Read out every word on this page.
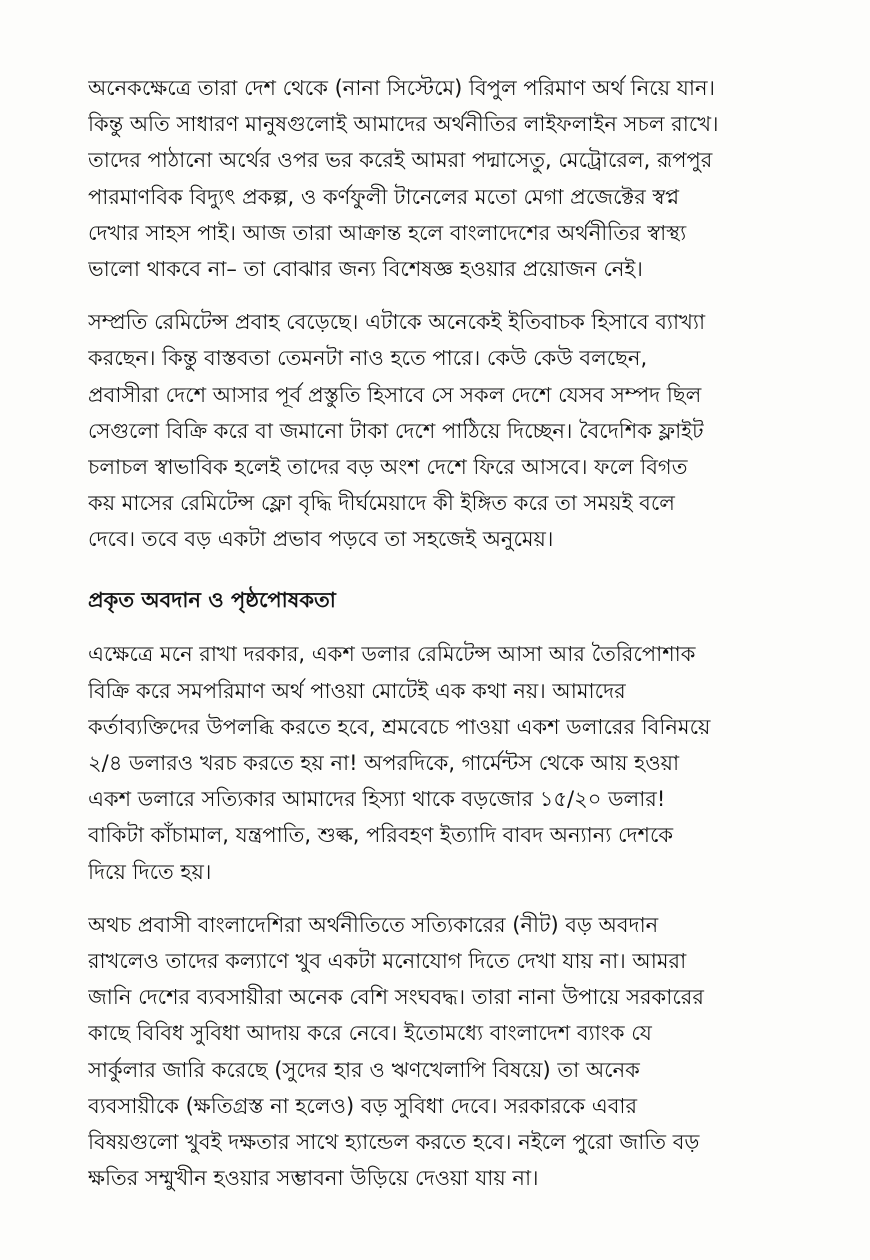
অনেকক্ষেত্রে তারা দেশ থেকে (নানা সিস্টেমে) বিপুল পরিমাণ অর্থ নিয়ে যান।
কিন্তু অতি সাধারণ মানুষগুলোই আমাদের অর্থনীতির লাইফলাইন সচল রাখে।
তাদের পাঠানো অর্থের ওপর ভর করেই আমরা পদ্মাসেতু, মেট্রোরেল, রূপপুর
পারমাণবিক বিদ্যুৎ প্রকল্প, ও কর্ণফুলী টানেলের মতো মেগা প্রজেক্টের স্বপ্ন
দেখার সাহস পাই। আজ তারা আক্রান্ত হলে বাংলাদেশের অর্থনীতির স্বাস্থ্য
ভালো থাকবে না– তা বোঝার জন্য বিশেষজ্ঞ হওয়ার প্রয়োজন নেই।

সম্প্রতি রেমিটেন্স প্রবাহ বেড়েছে। এটাকে অনেকেই ইতিবাচক হিসাবে ব্যাখ্যা
করছেন। কিন্তু বাস্তবতা তেমনটা নাও হতে পারে। কেউ কেউ বলছেন,
প্রবাসীরা দেশে আসার পূর্ব প্রস্তুতি হিসাবে সে সকল দেশে যেসব সম্পদ ছিল
সেগুলো বিক্রি করে বা জমানো টাকা দেশে পাঠিয়ে দিচ্ছেন। বৈদেশিক ফ্লাইট
চলাচল স্বাভাবিক হলেই তাদের বড় অংশ দেশে ফিরে আসবে। ফলে বিগত
কয় মাসের রেমিটেন্স ফ্লো বৃদ্ধি দীর্ঘমেয়াদে কী ইঙ্গিত করে তা সময়ই বলে
দেবে। তবে বড় একটা প্রভাব পড়বে তা সহজেই অনুমেয়।

প্রকৃত অবদান ও পৃষ্ঠপোষকতা

এক্ষেত্রে মনে রাখা দরকার, একশ ডলার রেমিটেন্স আসা আর তৈরিপোশাক
বিক্রি করে সমপরিমাণ অর্থ পাওয়া মোটেই এক কথা নয়। আমাদের
কর্তাব্যক্তিদের উপলব্ধি করতে হবে, শ্রমবেচে পাওয়া একশ ডলারের বিনিময়ে
২/৪ ডলারও খরচ করতে হয় না! অপরদিকে, গার্মেন্টস থেকে আয় হওয়া
একশ ডলারে সত্যিকার আমাদের হিস্যা থাকে বড়জোর ১৫/২০ ডলার!
বাকিটা কাঁচামাল, যন্ত্রপাতি, শুল্ক, পরিবহণ ইত্যাদি বাবদ অন্যান্য দেশকে
দিয়ে দিতে হয়।

অথচ প্রবাসী বাংলাদেশিরা অর্থনীতিতে সত্যিকারের (নীট) বড় অবদান
রাখলেও তাদের কল্যাণে খুব একটা মনোযোগ দিতে দেখা যায় না। আমরা
জানি দেশের ব্যবসায়ীরা অনেক বেশি সংঘবদ্ধ। তারা নানা উপায়ে সরকারের
কাছে বিবিধ সুবিধা আদায় করে নেবে। ইতোমধ্যে বাংলাদেশ ব্যাংক যে
সার্কুলার জারি করেছে (সুদের হার ও ঋণখেলাপি বিষয়ে) তা অনেক
ব্যবসায়ীকে (ক্ষতিগ্রস্ত না হলেও) বড় সুবিধা দেবে। সরকারকে এবার
বিষয়গুলো খুবই দক্ষতার সাথে হ্যান্ডেল করতে হবে। নইলে পুরো জাতি বড়
ক্ষতির সম্মুখীন হওয়ার সম্ভাবনা উড়িয়ে দেওয়া যায় না।
